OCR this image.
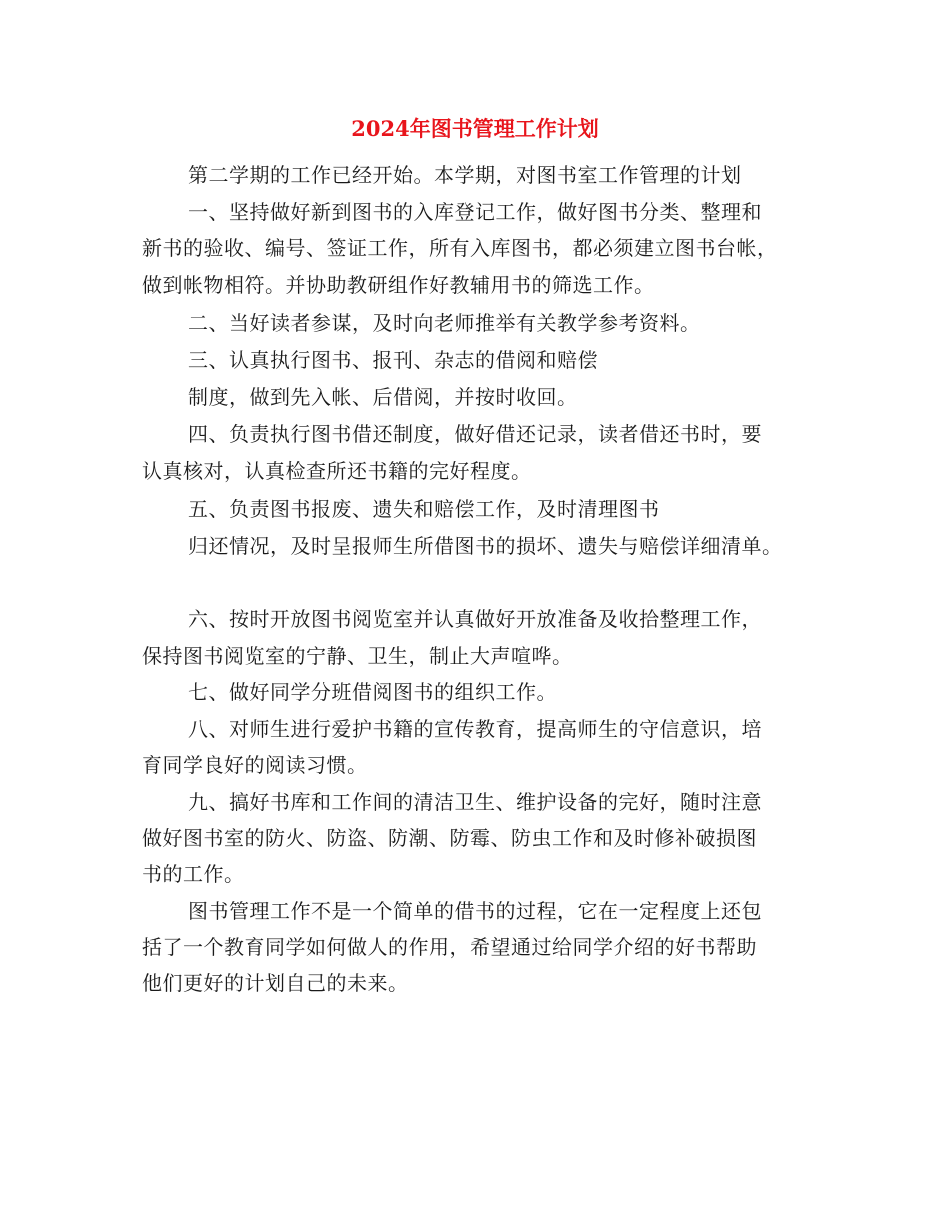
2024年图书管理工作计划
第二学期的工作已经开始。本学期，对图书室工作管理的计划
一、坚持做好新到图书的入库登记工作，做好图书分类、整理和
新书的验收、编号、签证工作，所有入库图书，都必须建立图书台帐，
做到帐物相符。并协助教研组作好教辅用书的筛选工作。
二、当好读者参谋，及时向老师推举有关教学参考资料。
三、认真执行图书、报刊、杂志的借阅和赔偿
制度，做到先入帐、后借阅，并按时收回。
四、负责执行图书借还制度，做好借还记录，读者借还书时，要
认真核对，认真检查所还书籍的完好程度。
五、负责图书报废、遗失和赔偿工作，及时清理图书
归还情况，及时呈报师生所借图书的损坏、遗失与赔偿详细清单。
六、按时开放图书阅览室并认真做好开放准备及收拾整理工作，
保持图书阅览室的宁静、卫生，制止大声喧哗。
七、做好同学分班借阅图书的组织工作。
八、对师生进行爱护书籍的宣传教育，提高师生的守信意识，培
育同学良好的阅读习惯。
九、搞好书库和工作间的清洁卫生、维护设备的完好，随时注意
做好图书室的防火、防盗、防潮、防霉、防虫工作和及时修补破损图
书的工作。
图书管理工作不是一个简单的借书的过程，它在一定程度上还包
括了一个教育同学如何做人的作用，希望通过给同学介绍的好书帮助
他们更好的计划自己的未来。
